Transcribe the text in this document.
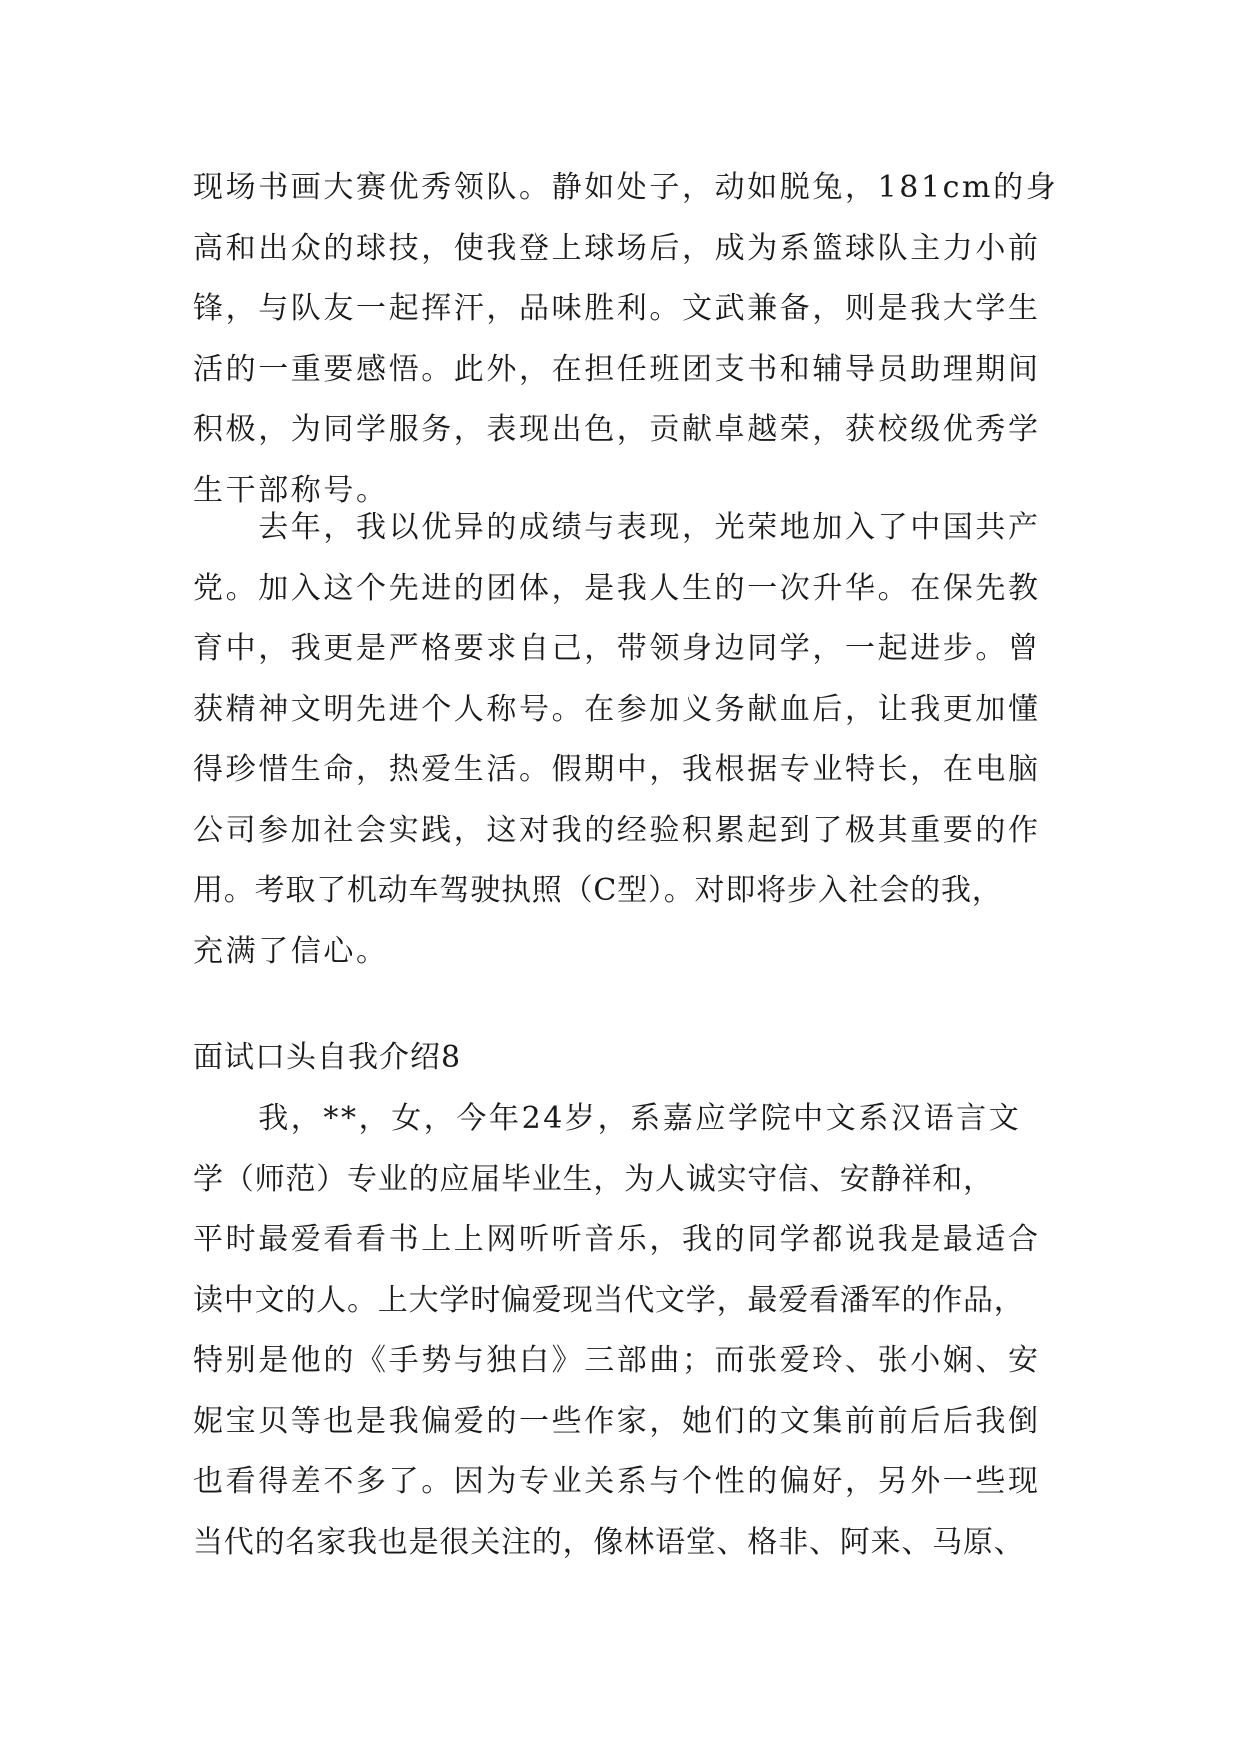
现场书画大赛优秀领队。静如处子，动如脱兔，181cm的身
高和出众的球技，使我登上球场后，成为系篮球队主力小前
锋，与队友一起挥汗，品味胜利。文武兼备，则是我大学生
活的一重要感悟。此外，在担任班团支书和辅导员助理期间
积极，为同学服务，表现出色，贡献卓越荣，获校级优秀学
生干部称号。
　　去年，我以优异的成绩与表现，光荣地加入了中国共产
党。加入这个先进的团体，是我人生的一次升华。在保先教
育中，我更是严格要求自己，带领身边同学，一起进步。曾
获精神文明先进个人称号。在参加义务献血后，让我更加懂
得珍惜生命，热爱生活。假期中，我根据专业特长，在电脑
公司参加社会实践，这对我的经验积累起到了极其重要的作
用。考取了机动车驾驶执照（C型）。对即将步入社会的我，
充满了信心。
面试口头自我介绍8
　　我，**，女，今年24岁，系嘉应学院中文系汉语言文
学（师范）专业的应届毕业生，为人诚实守信、安静祥和，
平时最爱看看书上上网听听音乐，我的同学都说我是最适合
读中文的人。上大学时偏爱现当代文学，最爱看潘军的作品，
特别是他的《手势与独白》三部曲；而张爱玲、张小娴、安
妮宝贝等也是我偏爱的一些作家，她们的文集前前后后我倒
也看得差不多了。因为专业关系与个性的偏好，另外一些现
当代的名家我也是很关注的，像林语堂、格非、阿来、马原、
